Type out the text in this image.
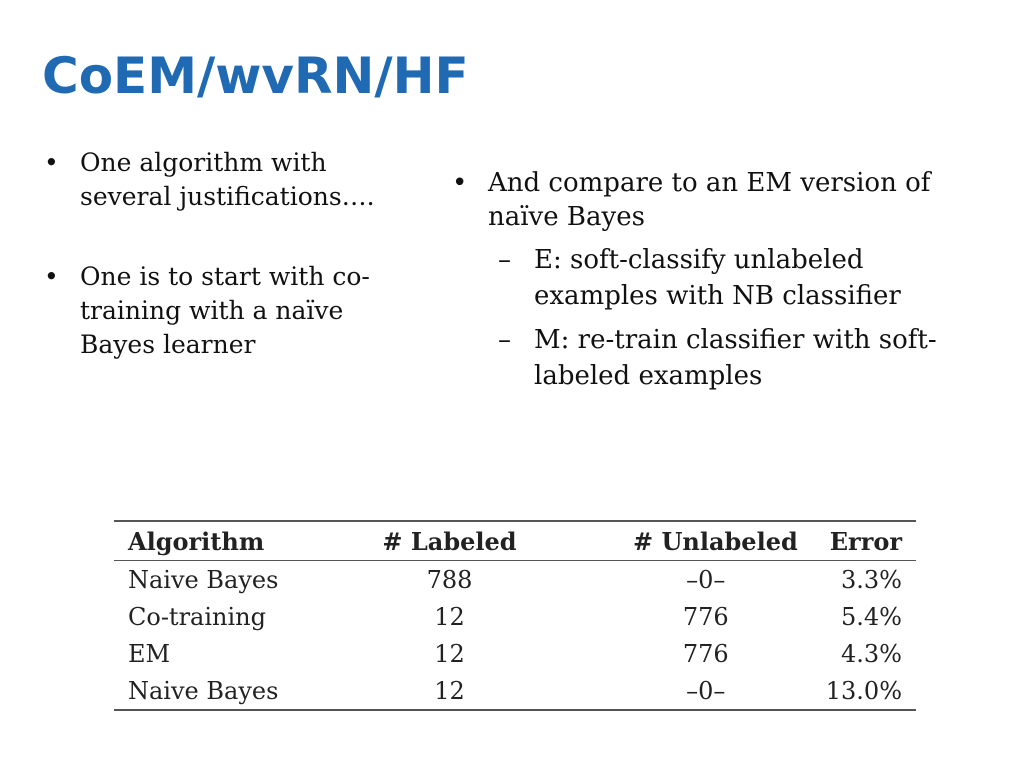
CoEM/wvRN/HF
• One algorithm with several justifications….
• One is to start with co-training with a naïve Bayes learner
• And compare to an EM version of naïve Bayes
– E: soft-classify unlabeled examples with NB classifier
– M: re-train classifier with soft-labeled examples
Algorithm	# Labeled	# Unlabeled	Error
Naive Bayes	788	–0–	3.3%
Co-training	12	776	5.4%
EM	12	776	4.3%
Naive Bayes	12	–0–	13.0%
